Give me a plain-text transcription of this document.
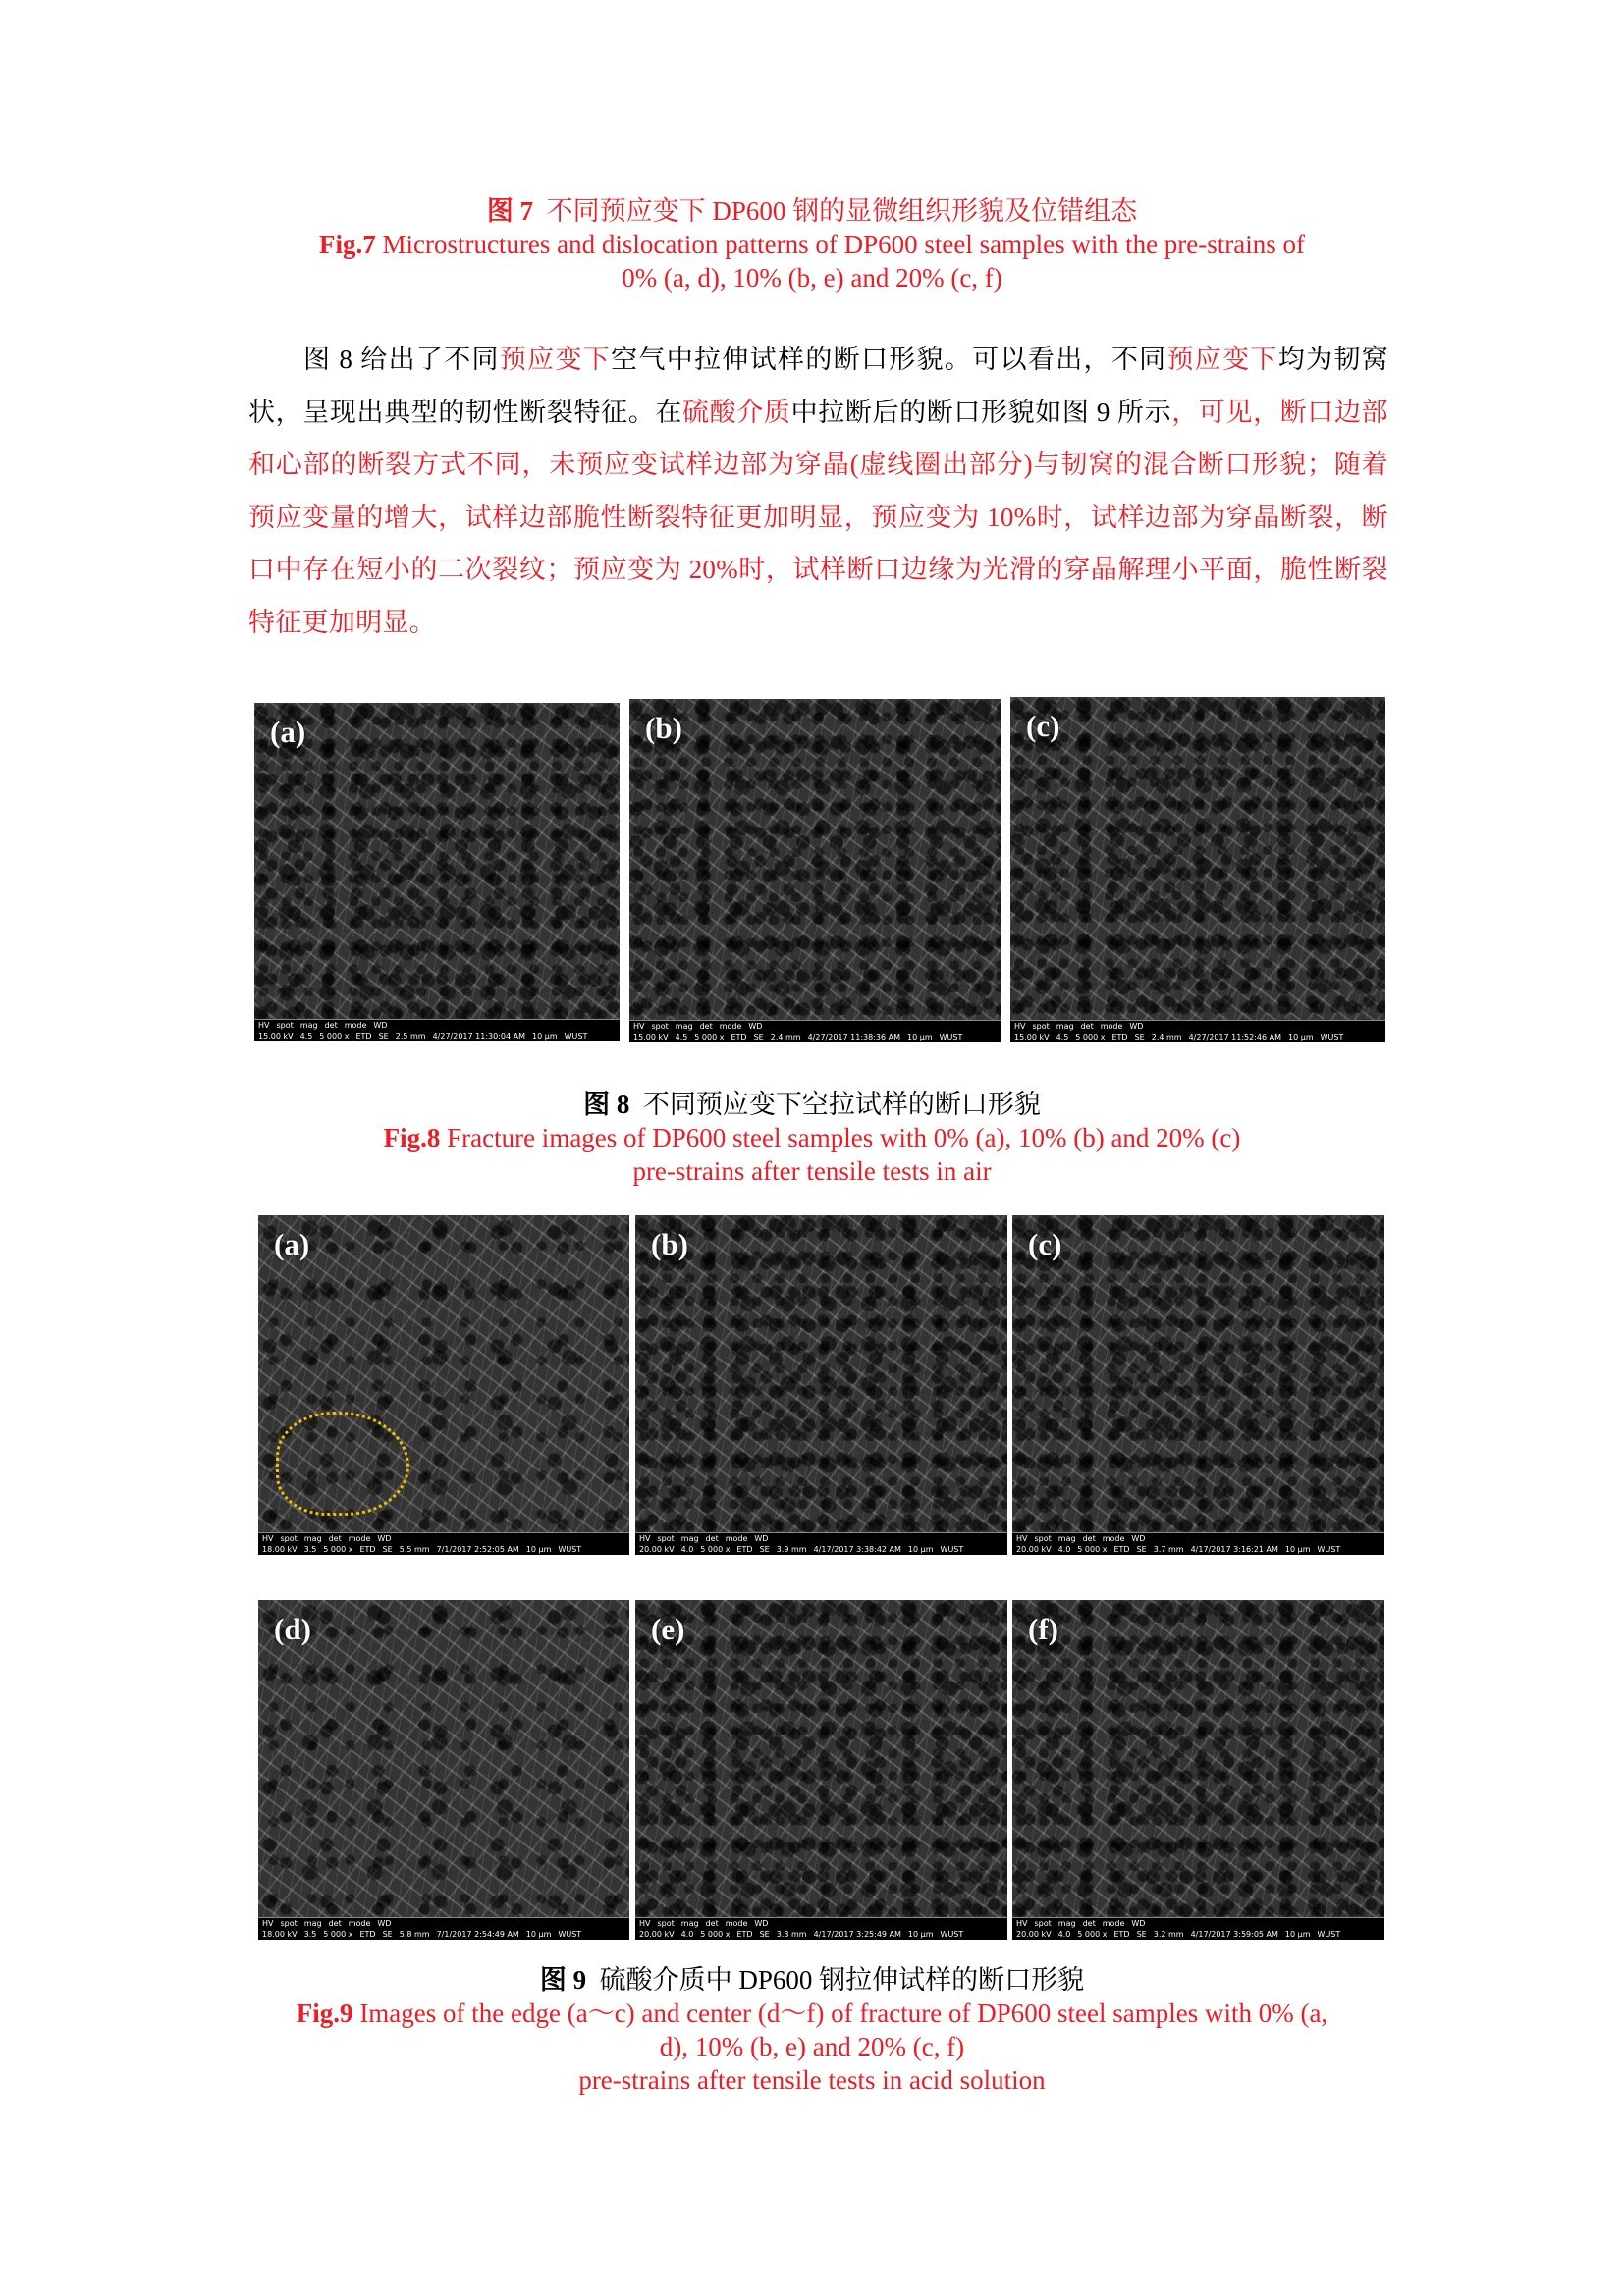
图 7 不同预应变下 DP600 钢的显微组织形貌及位错组态
Fig.7 Microstructures and dislocation patterns of DP600 steel samples with the pre-strains of
0% (a, d), 10% (b, e) and 20% (c, f)

图 8 给出了不同预应变下空气中拉伸试样的断口形貌。可以看出，不同预应变下均为韧窝状，呈现出典型的韧性断裂特征。在硫酸介质中拉断后的断口形貌如图 9 所示，可见，断口边部和心部的断裂方式不同，未预应变试样边部为穿晶(虚线圈出部分)与韧窝的混合断口形貌；随着预应变量的增大，试样边部脆性断裂特征更加明显，预应变为 10%时，试样边部为穿晶断裂，断口中存在短小的二次裂纹；预应变为 20%时，试样断口边缘为光滑的穿晶解理小平面，脆性断裂特征更加明显。

(a)
HV spot mag det mode WD
15.00 kV 4.5 5 000 x ETD SE 2.5 mm 4/27/2017 11:30:04 AM 10 µm WUST
(b)
HV spot mag det mode WD
15.00 kV 4.5 5 000 x ETD SE 2.4 mm 4/27/2017 11:38:36 AM 10 µm WUST
(c)
HV spot mag det mode WD
15.00 kV 4.5 5 000 x ETD SE 2.4 mm 4/27/2017 11:52:46 AM 10 µm WUST
图 8 不同预应变下空拉试样的断口形貌
Fig.8 Fracture images of DP600 steel samples with 0% (a), 10% (b) and 20% (c)
pre-strains after tensile tests in air
(a)
HV spot mag det mode WD
18.00 kV 3.5 5 000 x ETD SE 5.5 mm 7/1/2017 2:52:05 AM 10 µm WUST
(b)
HV spot mag det mode WD
20.00 kV 4.0 5 000 x ETD SE 3.9 mm 4/17/2017 3:38:42 AM 10 µm WUST
(c)
HV spot mag det mode WD
20.00 kV 4.0 5 000 x ETD SE 3.7 mm 4/17/2017 3:16:21 AM 10 µm WUST
(d)
HV spot mag det mode WD
18.00 kV 3.5 5 000 x ETD SE 5.8 mm 7/1/2017 2:54:49 AM 10 µm WUST
(e)
HV spot mag det mode WD
20.00 kV 4.0 5 000 x ETD SE 3.3 mm 4/17/2017 3:25:49 AM 10 µm WUST
(f)
HV spot mag det mode WD
20.00 kV 4.0 5 000 x ETD SE 3.2 mm 4/17/2017 3:59:05 AM 10 µm WUST
图 9 硫酸介质中 DP600 钢拉伸试样的断口形貌
Fig.9 Images of the edge (a～c) and center (d～f) of fracture of DP600 steel samples with 0% (a,
d), 10% (b, e) and 20% (c, f)
pre-strains after tensile tests in acid solution
